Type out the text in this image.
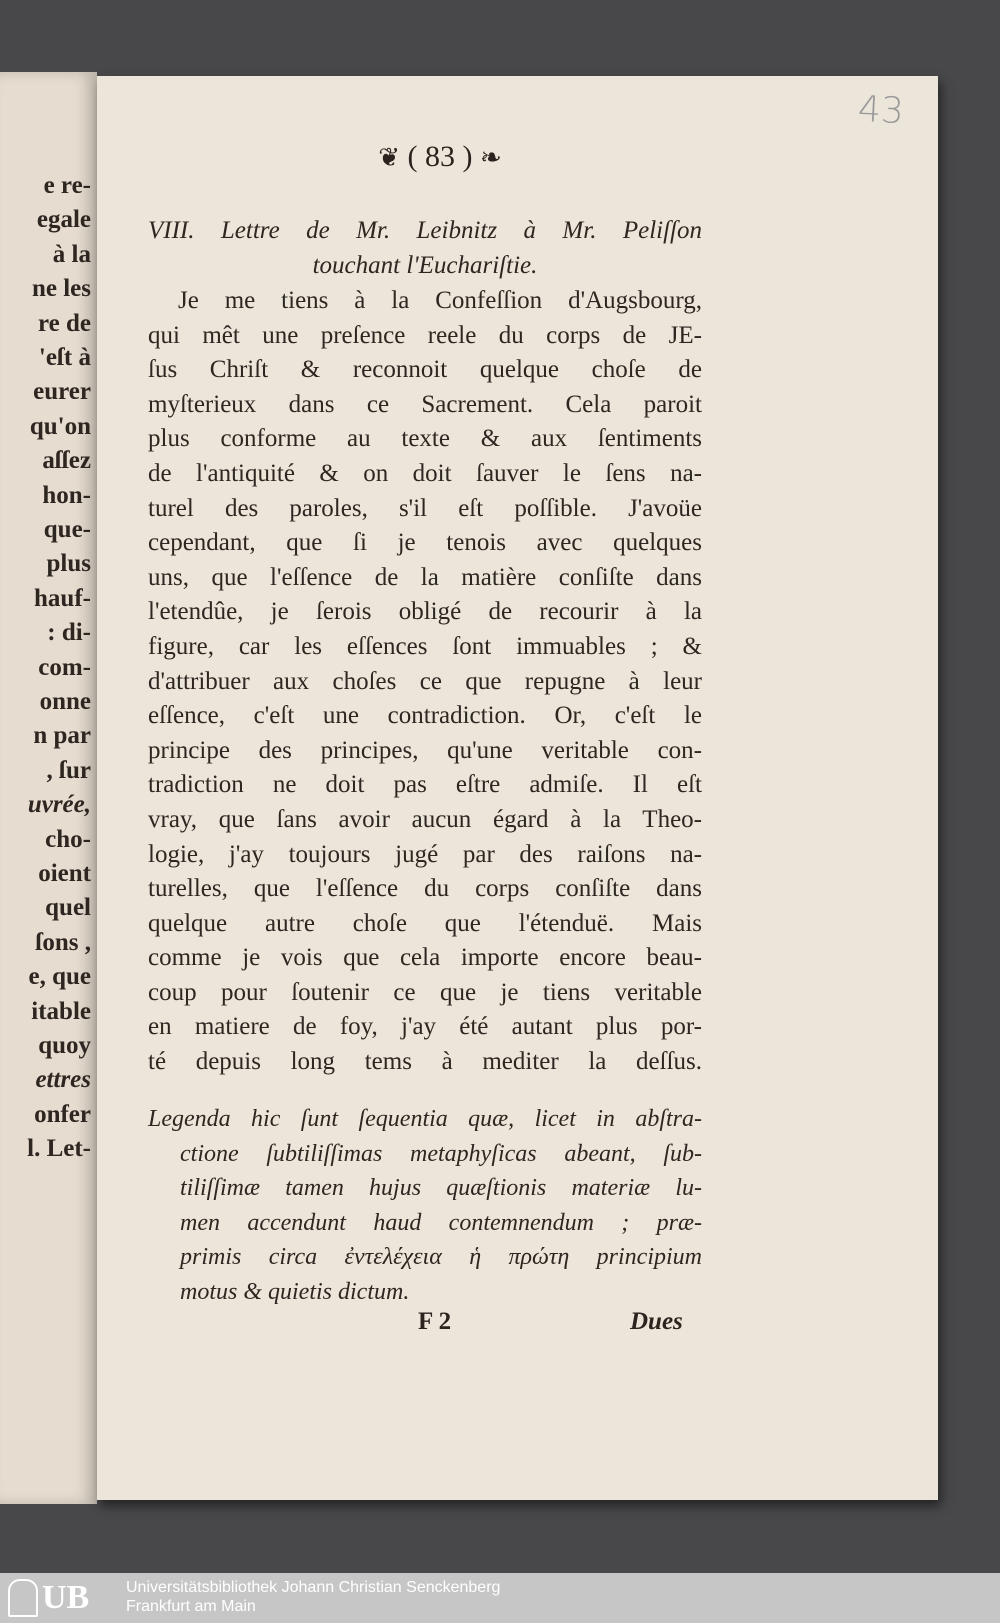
e re-
egale
à la
ne les
re de
'eſt à
eurer
qu'on
aſſez
hon-
que-
plus
hauf-
: di-
com-
onne
n par
, ſur
uvrée,
cho-
oient
quel
ſons ,
e, que
itable
quoy
ettres
onfer
l. Let-
43
❦ ( 83 ) ❧
VIII. Lettre de Mr. Leibnitz à Mr. Peliſſon
touchant l'Euchariſtie.
Je me tiens à la Confeſſion d'Augsbourg,
qui mêt une preſence reele du corps de JE-
ſus Chriſt & reconnoit quelque choſe de
myſterieux dans ce Sacrement. Cela paroit
plus conforme au texte & aux ſentiments
de l'antiquité & on doit ſauver le ſens na-
turel des paroles, s'il eſt poſſible. J'avoüe
cependant, que ſi je tenois avec quelques
uns, que l'eſſence de la matière conſiſte dans
l'etendûe, je ſerois obligé de recourir à la
figure, car les eſſences ſont immuables ; &
d'attribuer aux choſes ce que repugne à leur
eſſence, c'eſt une contradiction. Or, c'eſt le
principe des principes, qu'une veritable con-
tradiction ne doit pas eſtre admiſe. Il eſt
vray, que ſans avoir aucun égard à la Theo-
logie, j'ay toujours jugé par des raiſons na-
turelles, que l'eſſence du corps conſiſte dans
quelque autre choſe que l'étenduë. Mais
comme je vois que cela importe encore beau-
coup pour ſoutenir ce que je tiens veritable
en matiere de foy, j'ay été autant plus por-
té depuis long tems à mediter la deſſus.
Legenda hic ſunt ſequentia quæ, licet in abſtra-
ctione ſubtiliſſimas metaphyſicas abeant, ſub-
tiliſſimæ tamen hujus quæſtionis materiæ lu-
men accendunt haud contemnendum ; præ-
primis circa ἐντελέχεια ἡ πρώτη principium
motus & quietis dictum.
F 2	Dues
UB Universitätsbibliothek Johann Christian Senckenberg
Frankfurt am Main
